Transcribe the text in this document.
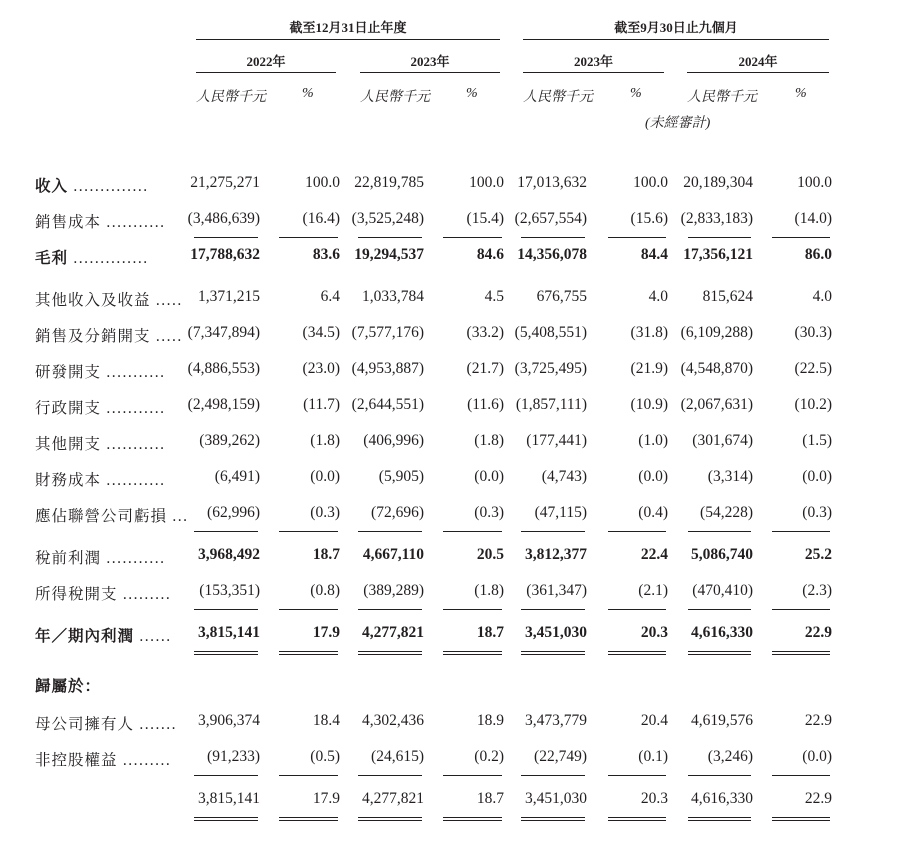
截至12月31日止年度	截至9月30日止九個月
2022年	2023年	2023年	2024年
人民幣千元	%	人民幣千元	%	人民幣千元	%	人民幣千元	%
(未經審計)
收入 ..............	21,275,271	100.0 22,819,785	100.0 17,013,632	100.0 20,189,304	100.0
銷售成本 ...........	(3,486,639)	(16.4) (3,525,248)	(15.4) (2,657,554)	(15.6) (2,833,183)	(14.0)
毛利 ..............	17,788,632	83.6 19,294,537	84.6 14,356,078	84.4 17,356,121	86.0
其他收入及收益 ..... 1,371,215	6.4	1,033,784	4.5	676,755	4.0	815,624	4.0
銷售及分銷開支 ..... (7,347,894)	(34.5) (7,577,176)	(33.2) (5,408,551)	(31.8) (6,109,288)	(30.3)
研發開支 ...........	(4,886,553)	(23.0) (4,953,887)	(21.7) (3,725,495)	(21.9) (4,548,870)	(22.5)
行政開支 ...........	(2,498,159)	(11.7) (2,644,551)	(11.6) (1,857,111)	(10.9) (2,067,631)	(10.2)
其他開支 ...........	(389,262)	(1.8)	(406,996)	(1.8)	(177,441)	(1.0)	(301,674)	(1.5)
財務成本 ...........	(6,491)	(0.0)	(5,905)	(0.0)	(4,743)	(0.0)	(3,314)	(0.0)
應佔聯營公司虧損 ...	(62,996)	(0.3)	(72,696)	(0.3)	(47,115)	(0.4)	(54,228)	(0.3)
稅前利潤 ...........	3,968,492	18.7	4,667,110	20.5	3,812,377	22.4	5,086,740	25.2
所得稅開支 .........	(153,351)	(0.8)	(389,289)	(1.8)	(361,347)	(2.1)	(470,410)	(2.3)
年／期內利潤 ......	3,815,141	17.9	4,277,821	18.7	3,451,030	20.3	4,616,330	22.9
歸屬於：
母公司擁有人 .......	3,906,374	18.4	4,302,436	18.9	3,473,779	20.4	4,619,576	22.9
非控股權益 .........	(91,233)	(0.5)	(24,615)	(0.2)	(22,749)	(0.1)	(3,246)	(0.0)
3,815,141	17.9	4,277,821	18.7	3,451,030	20.3	4,616,330	22.9
